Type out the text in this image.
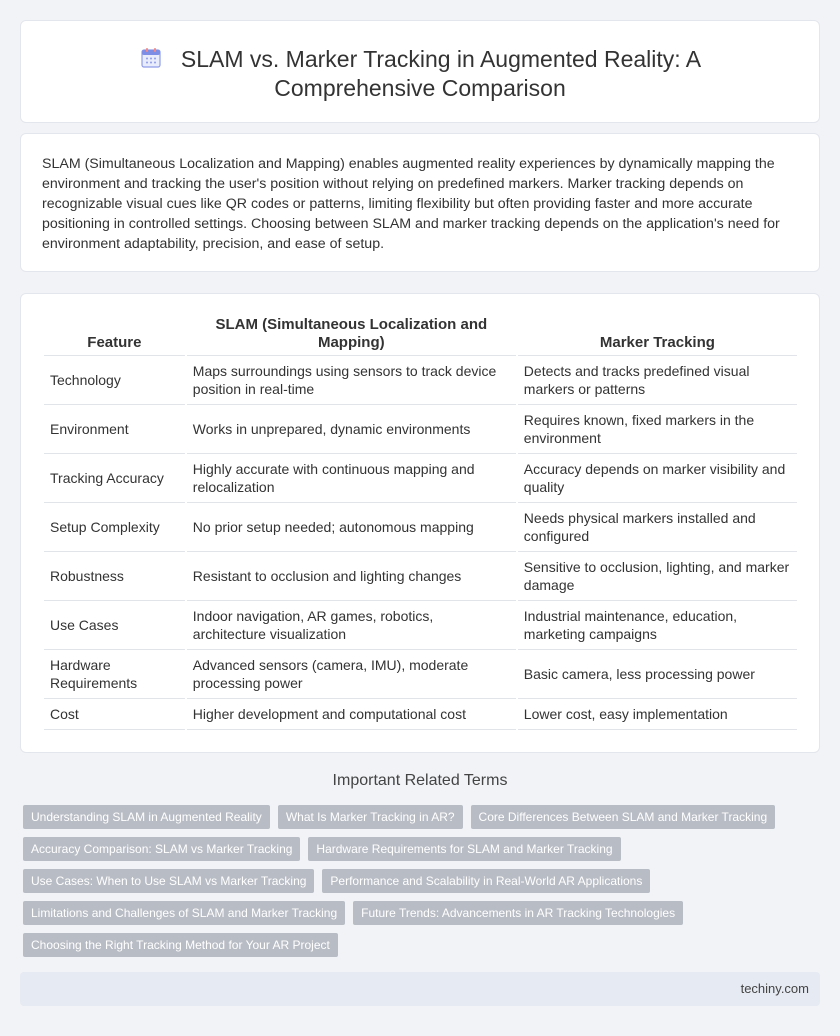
SLAM vs. Marker Tracking in Augmented Reality: A
Comprehensive Comparison

SLAM (Simultaneous Localization and Mapping) enables augmented reality experiences by dynamically mapping the environment and tracking the user's position without relying on predefined markers. Marker tracking depends on recognizable visual cues like QR codes or patterns, limiting flexibility but often providing faster and more accurate positioning in controlled settings. Choosing between SLAM and marker tracking depends on the application's need for environment adaptability, precision, and ease of setup.

Feature	SLAM (Simultaneous Localization and Mapping)	Marker Tracking
Technology	Maps surroundings using sensors to track device position in real-time	Detects and tracks predefined visual markers or patterns
Environment	Works in unprepared, dynamic environments	Requires known, fixed markers in the environment
Tracking Accuracy	Highly accurate with continuous mapping and relocalization	Accuracy depends on marker visibility and quality
Setup Complexity	No prior setup needed; autonomous mapping	Needs physical markers installed and configured
Robustness	Resistant to occlusion and lighting changes	Sensitive to occlusion, lighting, and marker damage
Use Cases	Indoor navigation, AR games, robotics, architecture visualization	Industrial maintenance, education, marketing campaigns
Hardware Requirements	Advanced sensors (camera, IMU), moderate processing power	Basic camera, less processing power
Cost	Higher development and computational cost	Lower cost, easy implementation
Important Related Terms
Understanding SLAM in Augmented Reality	What Is Marker Tracking in AR?	Core Differences Between SLAM and Marker Tracking
Accuracy Comparison: SLAM vs Marker Tracking	Hardware Requirements for SLAM and Marker Tracking
Use Cases: When to Use SLAM vs Marker Tracking	Performance and Scalability in Real-World AR Applications
Limitations and Challenges of SLAM and Marker Tracking	Future Trends: Advancements in AR Tracking Technologies
Choosing the Right Tracking Method for Your AR Project
techiny.com
